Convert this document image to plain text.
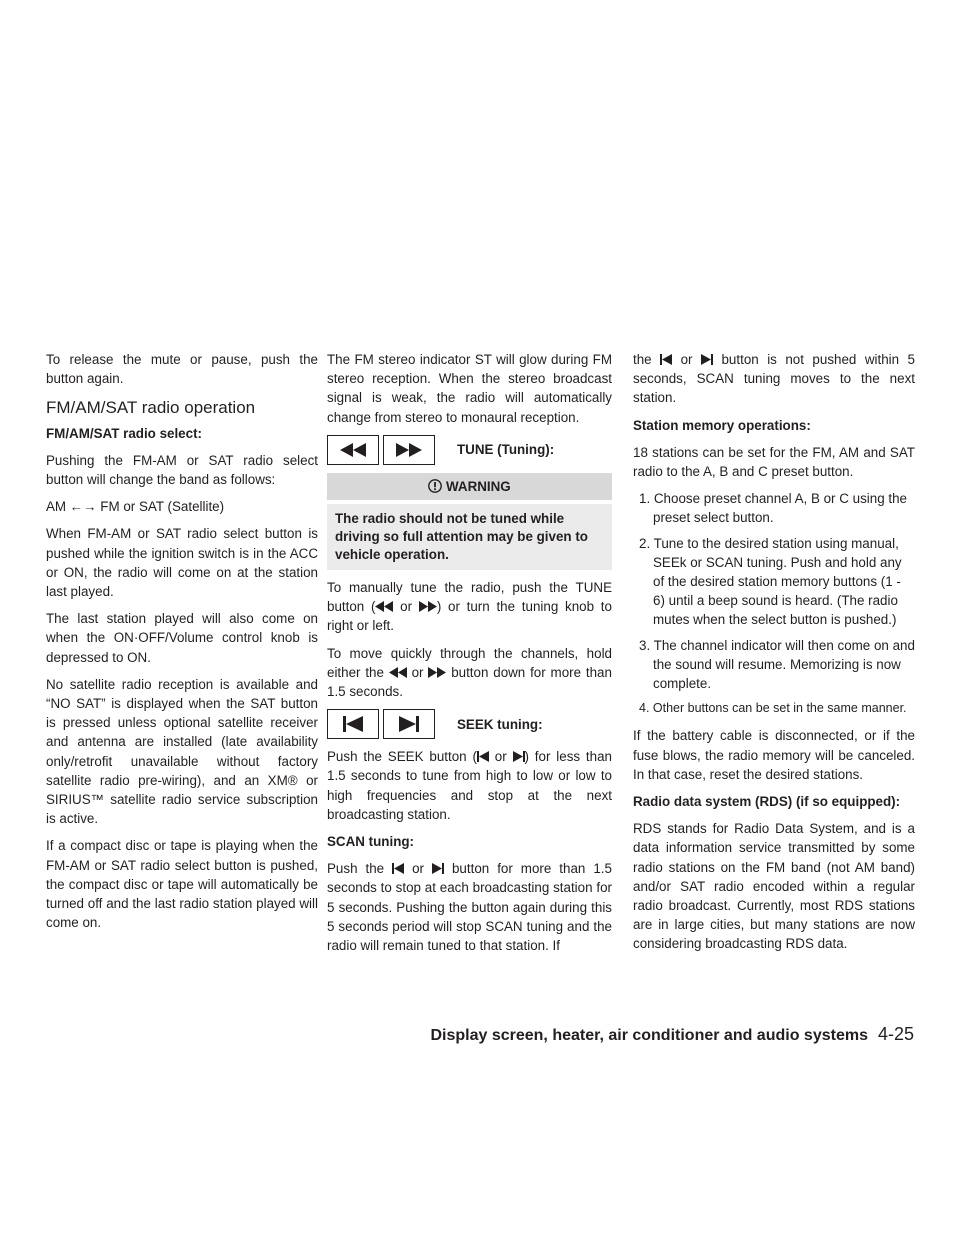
To release the mute or pause, push the button again.

FM/AM/SAT radio operation
FM/AM/SAT radio select:

Pushing the FM-AM or SAT radio select button will change the band as follows:

AM ←→ FM or SAT (Satellite)

When FM-AM or SAT radio select button is pushed while the ignition switch is in the ACC or ON, the radio will come on at the station last played.

The last station played will also come on when the ON·OFF/Volume control knob is depressed to ON.

No satellite radio reception is available and “NO SAT” is displayed when the SAT button is pressed unless optional satellite receiver and antenna are installed (late availability only/retrofit unavailable without factory satellite radio pre-wiring), and an XM® or SIRIUS™ satellite radio service subscription is active.

If a compact disc or tape is playing when the FM-AM or SAT radio select button is pushed, the compact disc or tape will automatically be turned off and the last radio station played will come on.

The FM stereo indicator ST will glow during FM stereo reception. When the stereo broadcast signal is weak, the radio will automatically change from stereo to monaural reception.

TUNE (Tuning):
WARNING
The radio should not be tuned while driving so full attention may be given to vehicle operation.

To manually tune the radio, push the TUNE button ( or ) or turn the tuning knob to right or left.

To move quickly through the channels, hold either the or button down for more than 1.5 seconds.

SEEK tuning:

Push the SEEK button ( or ) for less than 1.5 seconds to tune from high to low or low to high frequencies and stop at the next broadcasting station.

SCAN tuning:

Push the or button for more than 1.5 seconds to stop at each broadcasting station for 5 seconds. Pushing the button again during this 5 seconds period will stop SCAN tuning and the radio will remain tuned to that station. If

the or button is not pushed within 5 seconds, SCAN tuning moves to the next station.

Station memory operations:

18 stations can be set for the FM, AM and SAT radio to the A, B and C preset button.

1. Choose preset channel A, B or C using the preset select button.
2. Tune to the desired station using manual, SEEk or SCAN tuning. Push and hold any of the desired station memory buttons (1 - 6) until a beep sound is heard. (The radio mutes when the select button is pushed.)
3. The channel indicator will then come on and the sound will resume. Memorizing is now complete.
4. Other buttons can be set in the same manner.

If the battery cable is disconnected, or if the fuse blows, the radio memory will be canceled. In that case, reset the desired stations.

Radio data system (RDS) (if so equipped):

RDS stands for Radio Data System, and is a data information service transmitted by some radio stations on the FM band (not AM band) and/or SAT radio encoded within a regular radio broadcast. Currently, most RDS stations are in large cities, but many stations are now considering broadcasting RDS data.

Display screen, heater, air conditioner and audio systems 4-25
